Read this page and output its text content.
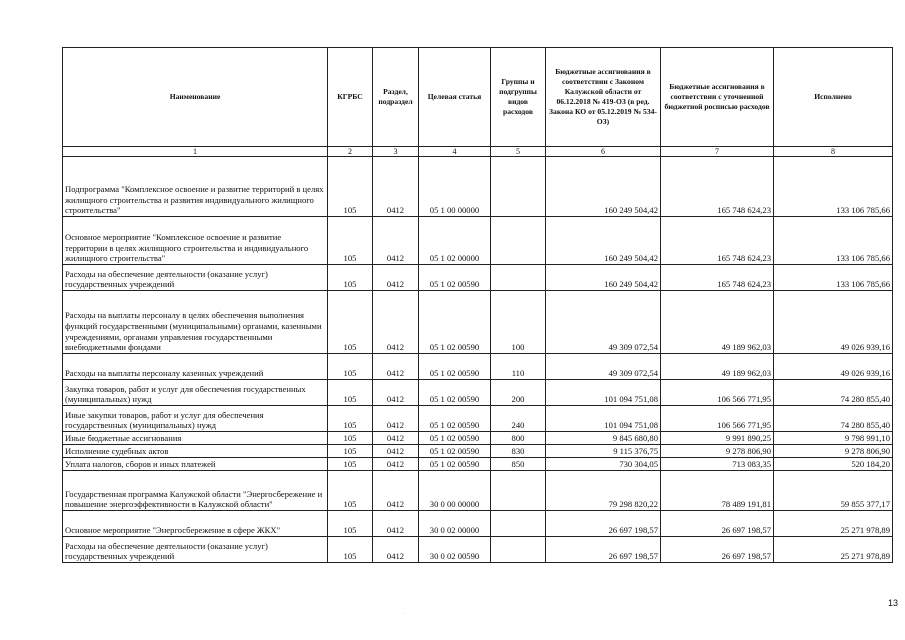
Наименование	КГРБС	Раздел, подраздел	Целевая статья	Группы и подгруппы видов расходов	Бюджетные ассигнования в соответствии с Законом Калужской области от 06.12.2018 № 419-ОЗ (в ред. Закона КО от 05.12.2019 № 534-ОЗ)	Бюджетные ассигнования в соответствии с уточненной бюджетной росписью расходов	Исполнено
1	2	3	4	5	6	7	8
Подпрограмма "Комплексное освоение и развитие территорий в целях жилищного строительства и развития индивидуального жилищного строительства"	105	0412	05 1 00 00000		160 249 504,42	165 748 624,23	133 106 785,66
Основное мероприятие "Комплексное освоение и развитие территории в целях жилищного строительства и индивидуального жилищного строительства"	105	0412	05 1 02 00000		160 249 504,42	165 748 624,23	133 106 785,66
Расходы на обеспечение деятельности (оказание услуг) государственных учреждений	105	0412	05 1 02 00590		160 249 504,42	165 748 624,23	133 106 785,66
Расходы на выплаты персоналу в целях обеспечения выполнения функций государственными (муниципальными) органами, казенными учреждениями, органами управления государственными внебюджетными фондами	105	0412	05 1 02 00590	100	49 309 072,54	49 189 962,03	49 026 939,16
Расходы на выплаты персоналу казенных учреждений	105	0412	05 1 02 00590	110	49 309 072,54	49 189 962,03	49 026 939,16
Закупка товаров, работ и услуг для обеспечения государственных (муниципальных) нужд	105	0412	05 1 02 00590	200	101 094 751,08	106 566 771,95	74 280 855,40
Иные закупки товаров, работ и услуг для обеспечения государственных (муниципальных) нужд	105	0412	05 1 02 00590	240	101 094 751,08	106 566 771,95	74 280 855,40
Иные бюджетные ассигнования	105	0412	05 1 02 00590	800	9 845 680,80	9 991 890,25	9 798 991,10
Исполнение судебных актов	105	0412	05 1 02 00590	830	9 115 376,75	9 278 806,90	9 278 806,90
Уплата налогов, сборов и иных платежей	105	0412	05 1 02 00590	850	730 304,05	713 083,35	520 184,20
Государственная программа Калужской области "Энергосбережение и повышение энергоэффективности в Калужской области"	105	0412	30 0 00 00000		79 298 820,22	78 489 191,81	59 855 377,17
Основное мероприятие "Энергосбережение в сфере ЖКХ"	105	0412	30 0 02 00000		26 697 198,57	26 697 198,57	25 271 978,89
Расходы на обеспечение деятельности (оказание услуг) государственных учреждений	105	0412	30 0 02 00590		26 697 198,57	26 697 198,57	25 271 978,89
13
·
